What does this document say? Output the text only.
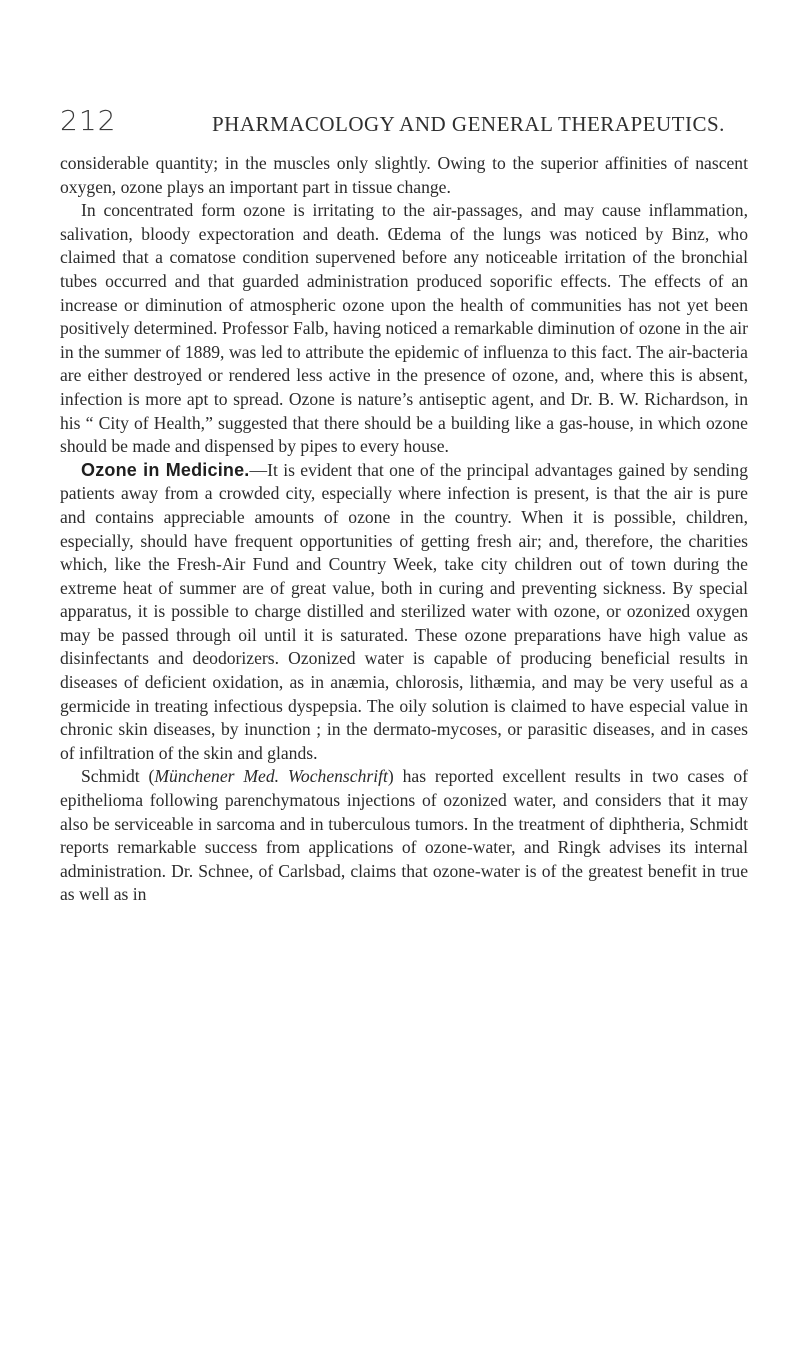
212	PHARMACOLOGY AND GENERAL THERAPEUTICS.

considerable quantity; in the muscles only slightly. Owing to the superior affinities of nascent oxygen, ozone plays an important part in tissue change.

In concentrated form ozone is irritating to the air-passages, and may cause inflammation, salivation, bloody expectoration and death. Œdema of the lungs was noticed by Binz, who claimed that a comatose condition supervened before any noticeable irritation of the bronchial tubes occurred and that guarded administration produced soporific effects. The effects of an increase or diminution of atmospheric ozone upon the health of communities has not yet been positively determined. Professor Falb, having noticed a remarkable diminution of ozone in the air in the summer of 1889, was led to attribute the epidemic of influenza to this fact. The air-bacteria are either destroyed or rendered less active in the presence of ozone, and, where this is absent, infection is more apt to spread. Ozone is nature’s antiseptic agent, and Dr. B. W. Richardson, in his “ City of Health,” suggested that there should be a building like a gas-house, in which ozone should be made and dispensed by pipes to every house.

Ozone in Medicine.—It is evident that one of the principal advantages gained by sending patients away from a crowded city, especially where infection is present, is that the air is pure and contains appreciable amounts of ozone in the country. When it is possible, children, especially, should have frequent opportunities of getting fresh air; and, therefore, the charities which, like the Fresh-Air Fund and Country Week, take city children out of town during the extreme heat of summer are of great value, both in curing and preventing sickness. By special apparatus, it is possible to charge distilled and sterilized water with ozone, or ozonized oxygen may be passed through oil until it is saturated. These ozone preparations have high value as disinfectants and deodorizers. Ozonized water is capable of producing beneficial results in diseases of deficient oxidation, as in anæmia, chlorosis, lithæmia, and may be very useful as a germicide in treating infectious dyspepsia. The oily solution is claimed to have especial value in chronic skin diseases, by inunction ; in the dermato-mycoses, or parasitic diseases, and in cases of infiltration of the skin and glands.

Schmidt (Münchener Med. Wochenschrift) has reported excellent results in two cases of epithelioma following parenchymatous injections of ozonized water, and considers that it may also be serviceable in sarcoma and in tuberculous tumors. In the treatment of diphtheria, Schmidt reports remarkable success from applications of ozone-water, and Ringk advises its internal administration. Dr. Schnee, of Carlsbad, claims that ozone-water is of the greatest benefit in true as well as in
